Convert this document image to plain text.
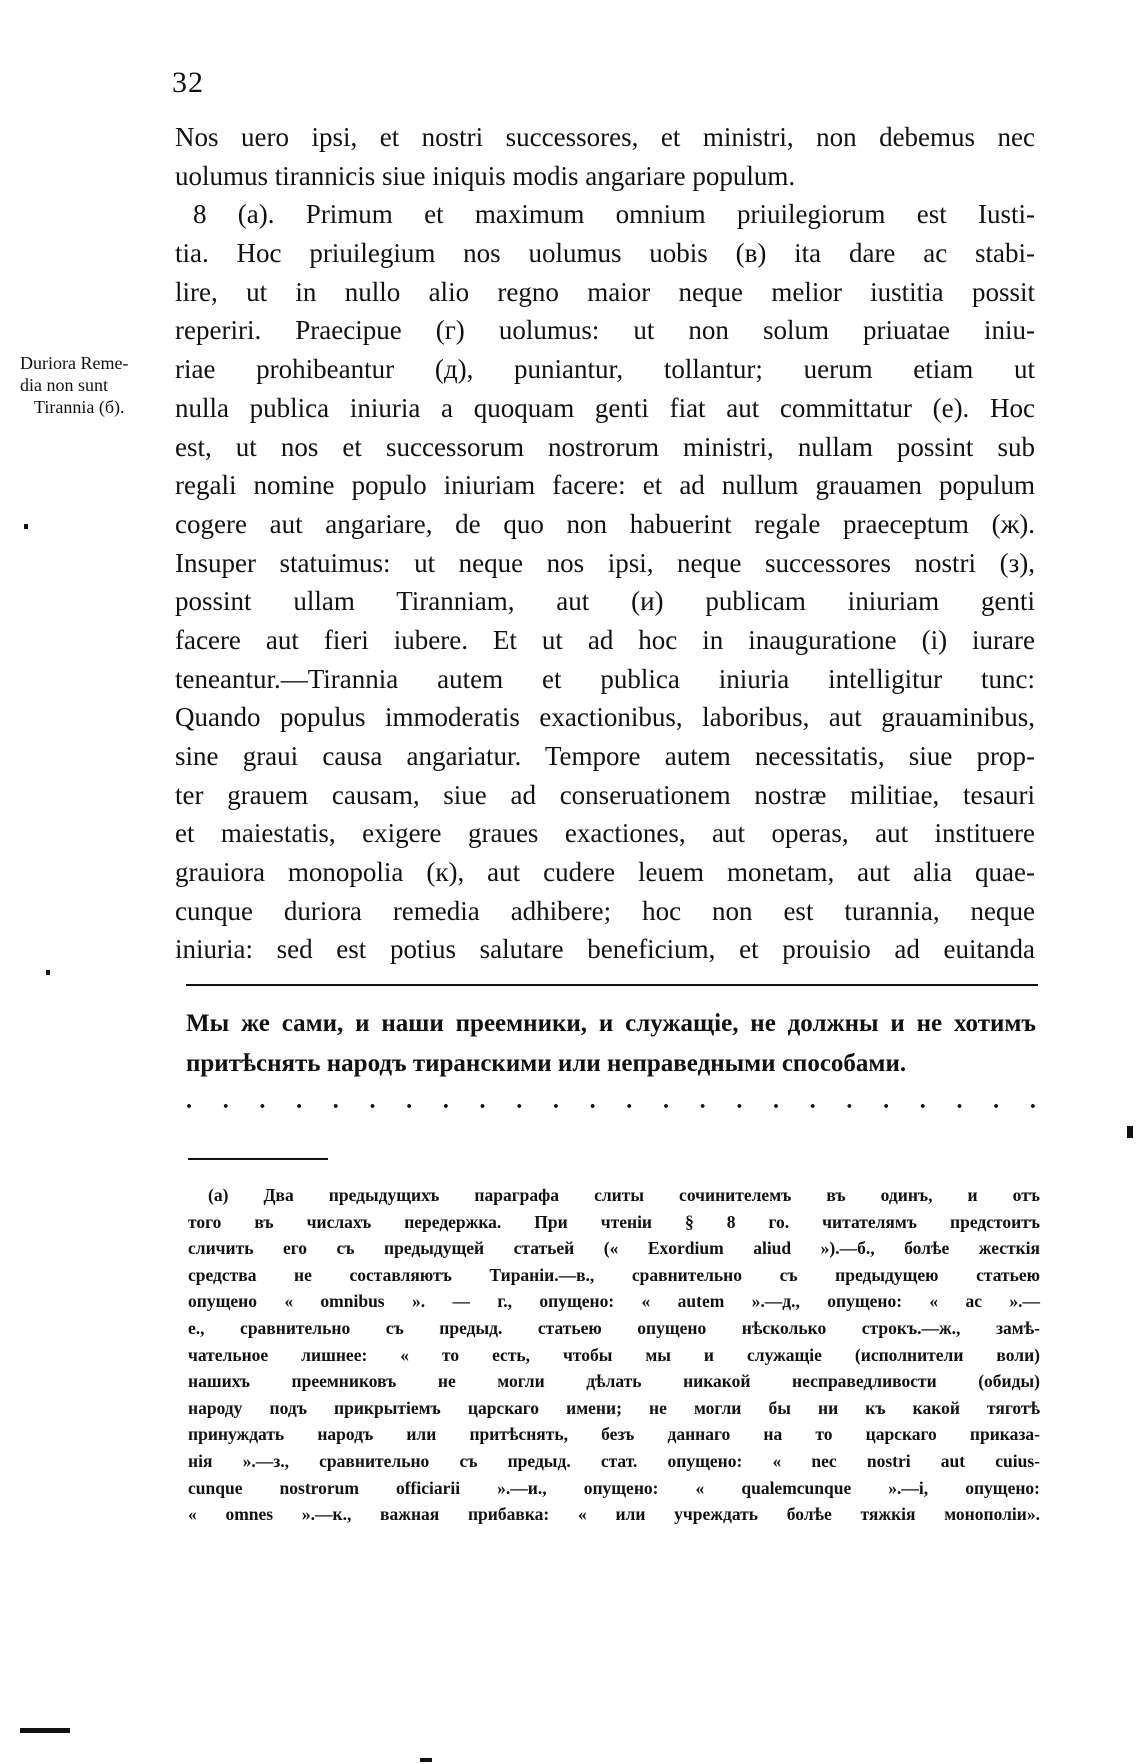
32
Duriora Reme-
dia non sunt
Tirannia (б).
Nos uero ipsi, et nostri successores, et ministri, non debemus nec
uolumus tirannicis siue iniquis modis angariare populum.
8 (а). Primum et maximum omnium priuilegiorum est Iusti-
tia. Hoc priuilegium nos uolumus uobis (в) ita dare ac stabi-
lire, ut in nullo alio regno maior neque melior iustitia possit
reperiri. Praecipue (г) uolumus: ut non solum priuatae iniu-
riae prohibeantur (д), puniantur, tollantur; uerum etiam ut
nulla publica iniuria a quoquam genti fiat aut committatur (е). Hoc
est, ut nos et successorum nostrorum ministri, nullam possint sub
regali nomine populo iniuriam facere: et ad nullum grauamen populum
cogere aut angariare, de quo non habuerint regale praeceptum (ж).
Insuper statuimus: ut neque nos ipsi, neque successores nostri (з),
possint ullam Tiranniam, aut (и) publicam iniuriam genti
facere aut fieri iubere. Et ut ad hoc in inauguratione (i) iurare
teneantur.—Tirannia autem et publica iniuria intelligitur tunc:
Quando populus immoderatis exactionibus, laboribus, aut grauaminibus,
sine graui causa angariatur. Tempore autem necessitatis, siue prop-
ter grauem causam, siue ad conseruationem nostræ militiae, tesauri
et maiestatis, exigere graues exactiones, aut operas, aut instituere
grauiora monopolia (к), aut cudere leuem monetam, aut alia quae-
cunque duriora remedia adhibere; hoc non est turannia, neque
iniuria: sed est potius salutare beneficium, et prouisio ad euitanda
Мы же сами, и наши преемники, и служащіе, не должны и не хотимъ
притѣснять народъ тиранскими или неправедными способами.
. . . . . . . . . . . . . . . . . . . . . . . .
(а) Два предыдущихъ параграфа слиты сочинителемъ въ одинъ, и отъ
того въ числахъ передержка. При чтеніи § 8 го. читателямъ предстоитъ
сличить его съ предыдущей статьей (« Exordium aliud »).—б., болѣе жесткія
средства не составляютъ Тираніи.—в., сравнительно съ предыдущею статьею
опущено « omnibus ». — г., опущено: « autem ».—д., опущено: « ac ».—
е., сравнительно съ предыд. статьею опущено нѣсколько строкъ.—ж., замѣ-
чательное лишнее: « то есть, чтобы мы и служащіе (исполнители воли)
нашихъ преемниковъ не могли дѣлать никакой несправедливости (обиды)
народу подъ прикрытіемъ царскаго имени; не могли бы ни къ какой тяготѣ
принуждать народъ или притѣснять, безъ даннаго на то царскаго приказа-
нія ».—з., сравнительно съ предыд. стат. опущено: « nec nostri aut cuius-
cunque nostrorum officiarii ».—и., опущено: « qualemcunque ».—i, опущено:
« omnes ».—к., важная прибавка: « или учреждать болѣе тяжкія монополіи».
